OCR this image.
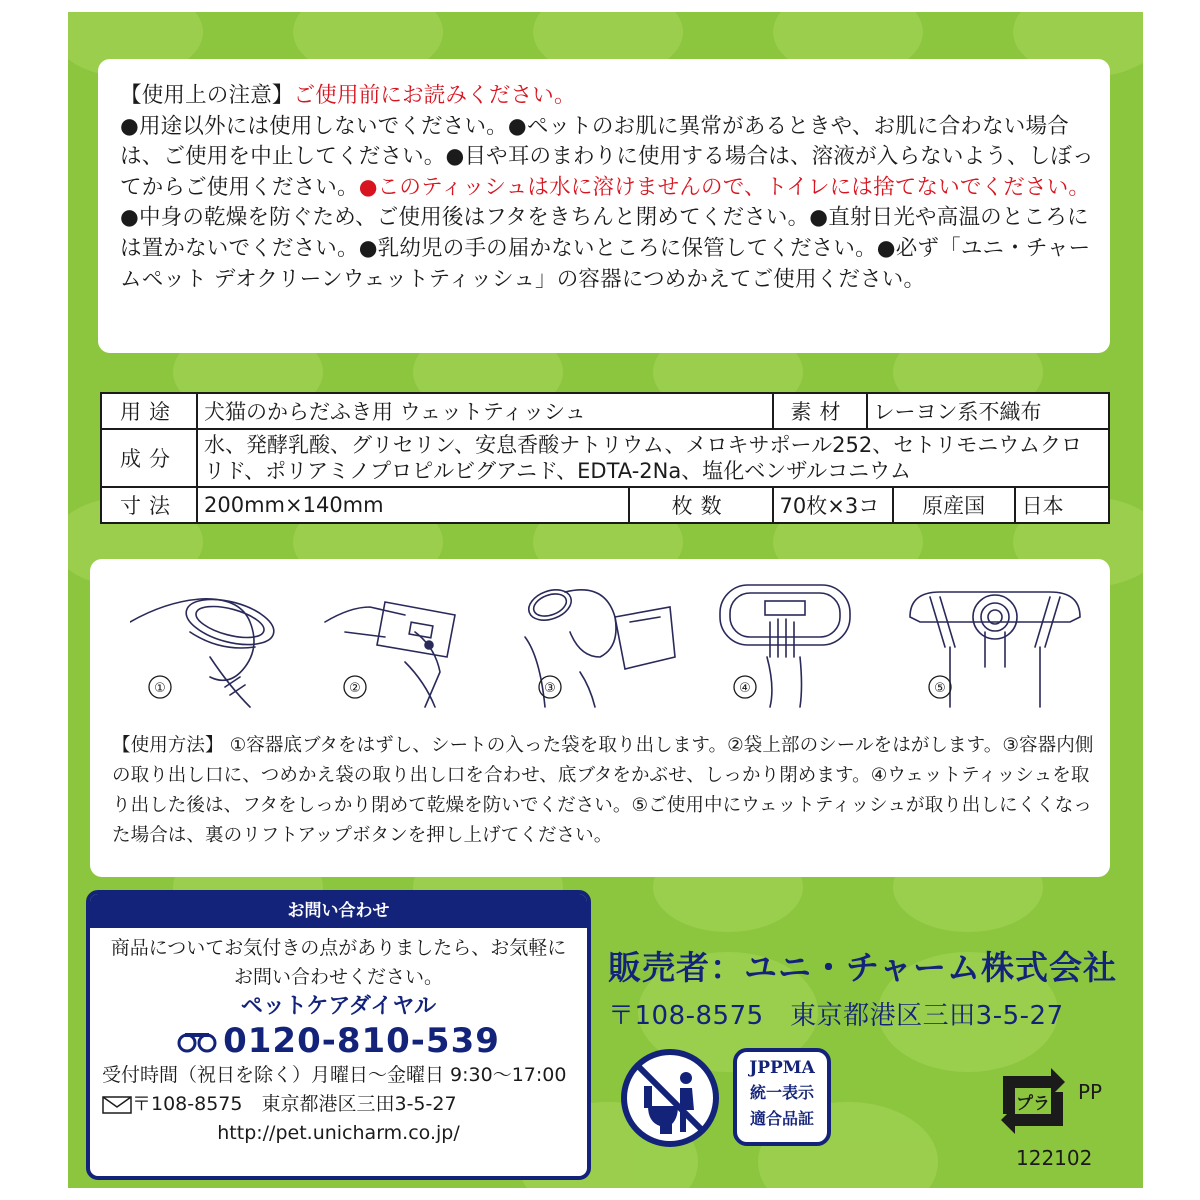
【使用上の注意】ご使用前にお読みください。
●用途以外には使用しないでください。●ペットのお肌に異常があるときや、お肌に合わない場合は、ご使用を中止してください。●目や耳のまわりに使用する場合は、溶液が入らないよう、しぼってからご使用ください。●このティッシュは水に溶けませんので、トイレには捨てないでください。●中身の乾燥を防ぐため、ご使用後はフタをきちんと閉めてください。●直射日光や高温のところには置かないでください。●乳幼児の手の届かないところに保管してください。●必ず「ユニ・チャームペット デオクリーンウェットティッシュ」の容器につめかえてご使用ください。
用途	犬猫のからだふき用 ウェットティッシュ		素材	レーヨン系不織布		
成分	水、発酵乳酸、グリセリン、安息香酸ナトリウム、メロキサポール252、セトリモニウムクロリド、ポリアミノプロピルビグアニド、EDTA-2Na、塩化ベンザルコニウム					
寸法	200mm×140mm	枚数	70枚×3コ		原産国	日本
①	②	③	④	⑤
【使用方法】 ①容器底ブタをはずし、シートの入った袋を取り出します。②袋上部のシールをはがします。③容器内側の取り出し口に、つめかえ袋の取り出し口を合わせ、底ブタをかぶせ、しっかり閉めます。④ウェットティッシュを取り出した後は、フタをしっかり閉めて乾燥を防いでください。⑤ご使用中にウェットティッシュが取り出しにくくなった場合は、裏のリフトアップボタンを押し上げてください。
お問い合わせ
商品についてお気付きの点がありましたら、お気軽にお問い合わせください。
ペットケアダイヤル
0120-810-539
受付時間（祝日を除く）月曜日～金曜日 9:30～17:00
〒108-8575　東京都港区三田3-5-27
http://pet.unicharm.co.jp/
販売者：ユニ・チャーム株式会社
〒108-8575　東京都港区三田3-5-27
JPPMA
統一表示
適合品証
プラ PP
122102
